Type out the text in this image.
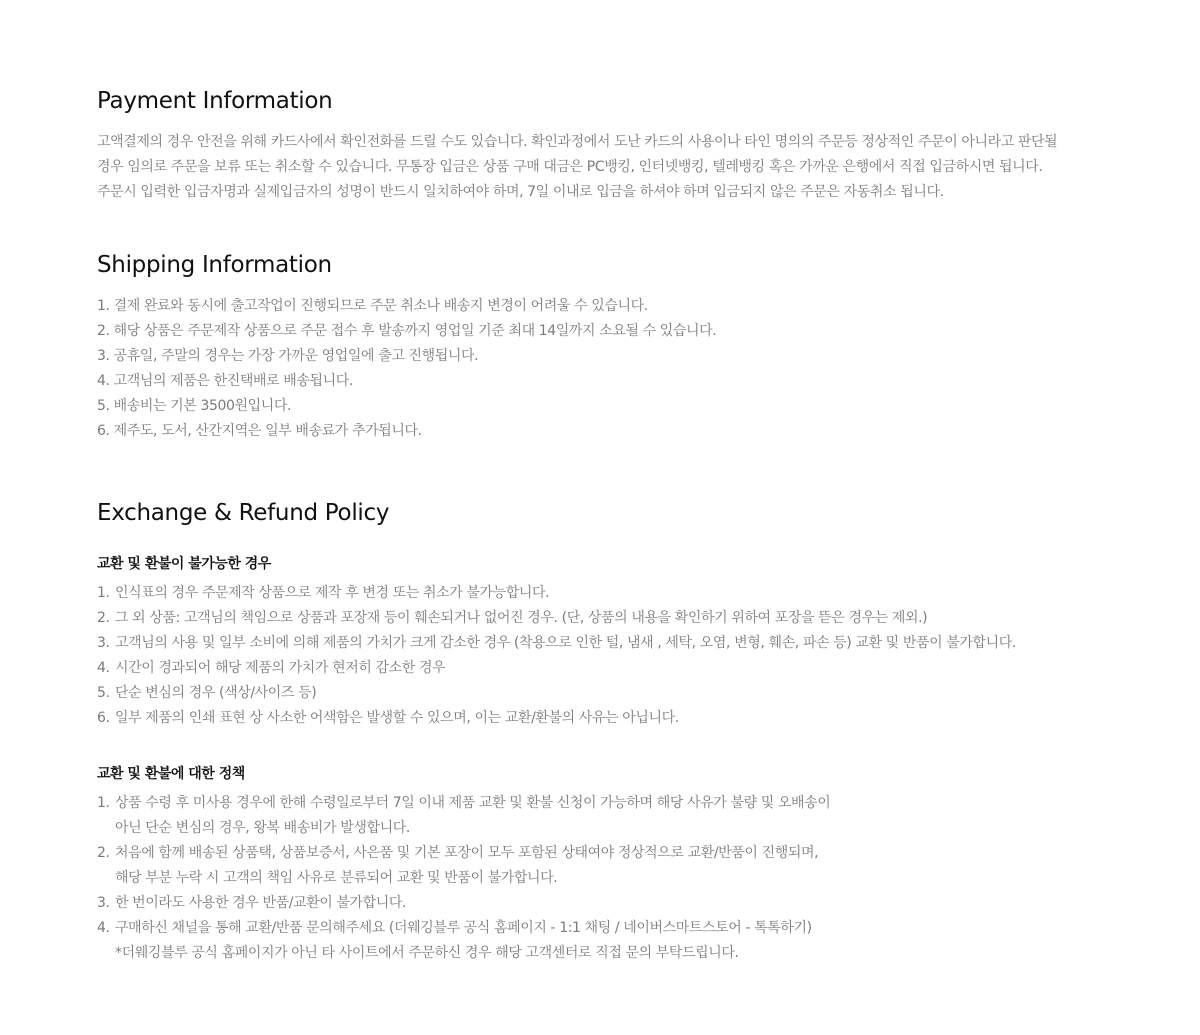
Payment Information
고액결제의 경우 안전을 위해 카드사에서 확인전화를 드릴 수도 있습니다. 확인과정에서 도난 카드의 사용이나 타인 명의의 주문등 정상적인 주문이 아니라고 판단될
경우 임의로 주문을 보류 또는 취소할 수 있습니다. 무통장 입금은 상품 구매 대금은 PC뱅킹, 인터넷뱅킹, 텔레뱅킹 혹은 가까운 은행에서 직접 입금하시면 됩니다.
주문시 입력한 입금자명과 실제입금자의 성명이 반드시 일치하여야 하며, 7일 이내로 입금을 하셔야 하며 입금되지 않은 주문은 자동취소 됩니다.
Shipping Information
1. 결제 완료와 동시에 출고작업이 진행되므로 주문 취소나 배송지 변경이 어려울 수 있습니다.
2. 해당 상품은 주문제작 상품으로 주문 접수 후 발송까지 영업일 기준 최대 14일까지 소요될 수 있습니다.
3. 공휴일, 주말의 경우는 가장 가까운 영업일에 출고 진행됩니다.
4. 고객님의 제품은 한진택배로 배송됩니다.
5. 배송비는 기본 3500원입니다.
6. 제주도, 도서, 산간지역은 일부 배송료가 추가됩니다.
Exchange & Refund Policy
교환 및 환불이 불가능한 경우
1. 인식표의 경우 주문제작 상품으로 제작 후 변경 또는 취소가 불가능합니다.
2. 그 외 상품: 고객님의 책임으로 상품과 포장재 등이 훼손되거나 없어진 경우. (단, 상품의 내용을 확인하기 위하여 포장을 뜯은 경우는 제외.)
3. 고객님의 사용 및 일부 소비에 의해 제품의 가치가 크게 감소한 경우 (착용으로 인한 털, 냄새 , 세탁, 오염, 변형, 훼손, 파손 등) 교환 및 반품이 불가합니다.
4. 시간이 경과되어 해당 제품의 가치가 현저히 감소한 경우
5. 단순 변심의 경우 (색상/사이즈 등)
6. 일부 제품의 인쇄 표현 상 사소한 어색함은 발생할 수 있으며, 이는 교환/환불의 사유는 아닙니다.
교환 및 환불에 대한 정책
1. 상품 수령 후 미사용 경우에 한해 수령일로부터 7일 이내 제품 교환 및 환불 신청이 가능하며 해당 사유가 불량 및 오배송이
아닌 단순 변심의 경우, 왕복 배송비가 발생합니다.
2. 처음에 함께 배송된 상품택, 상품보증서, 사은품 및 기본 포장이 모두 포함된 상태여야 정상적으로 교환/반품이 진행되며,
해당 부분 누락 시 고객의 책임 사유로 분류되어 교환 및 반품이 불가합니다.
3. 한 번이라도 사용한 경우 반품/교환이 불가합니다.
4. 구매하신 채널을 통해 교환/반품 문의해주세요 (더웨깅블루 공식 홈페이지 - 1:1 채팅 / 네이버스마트스토어 - 톡톡하기)
*더웨깅블루 공식 홈페이지가 아닌 타 사이트에서 주문하신 경우 해당 고객센터로 직접 문의 부탁드립니다.
